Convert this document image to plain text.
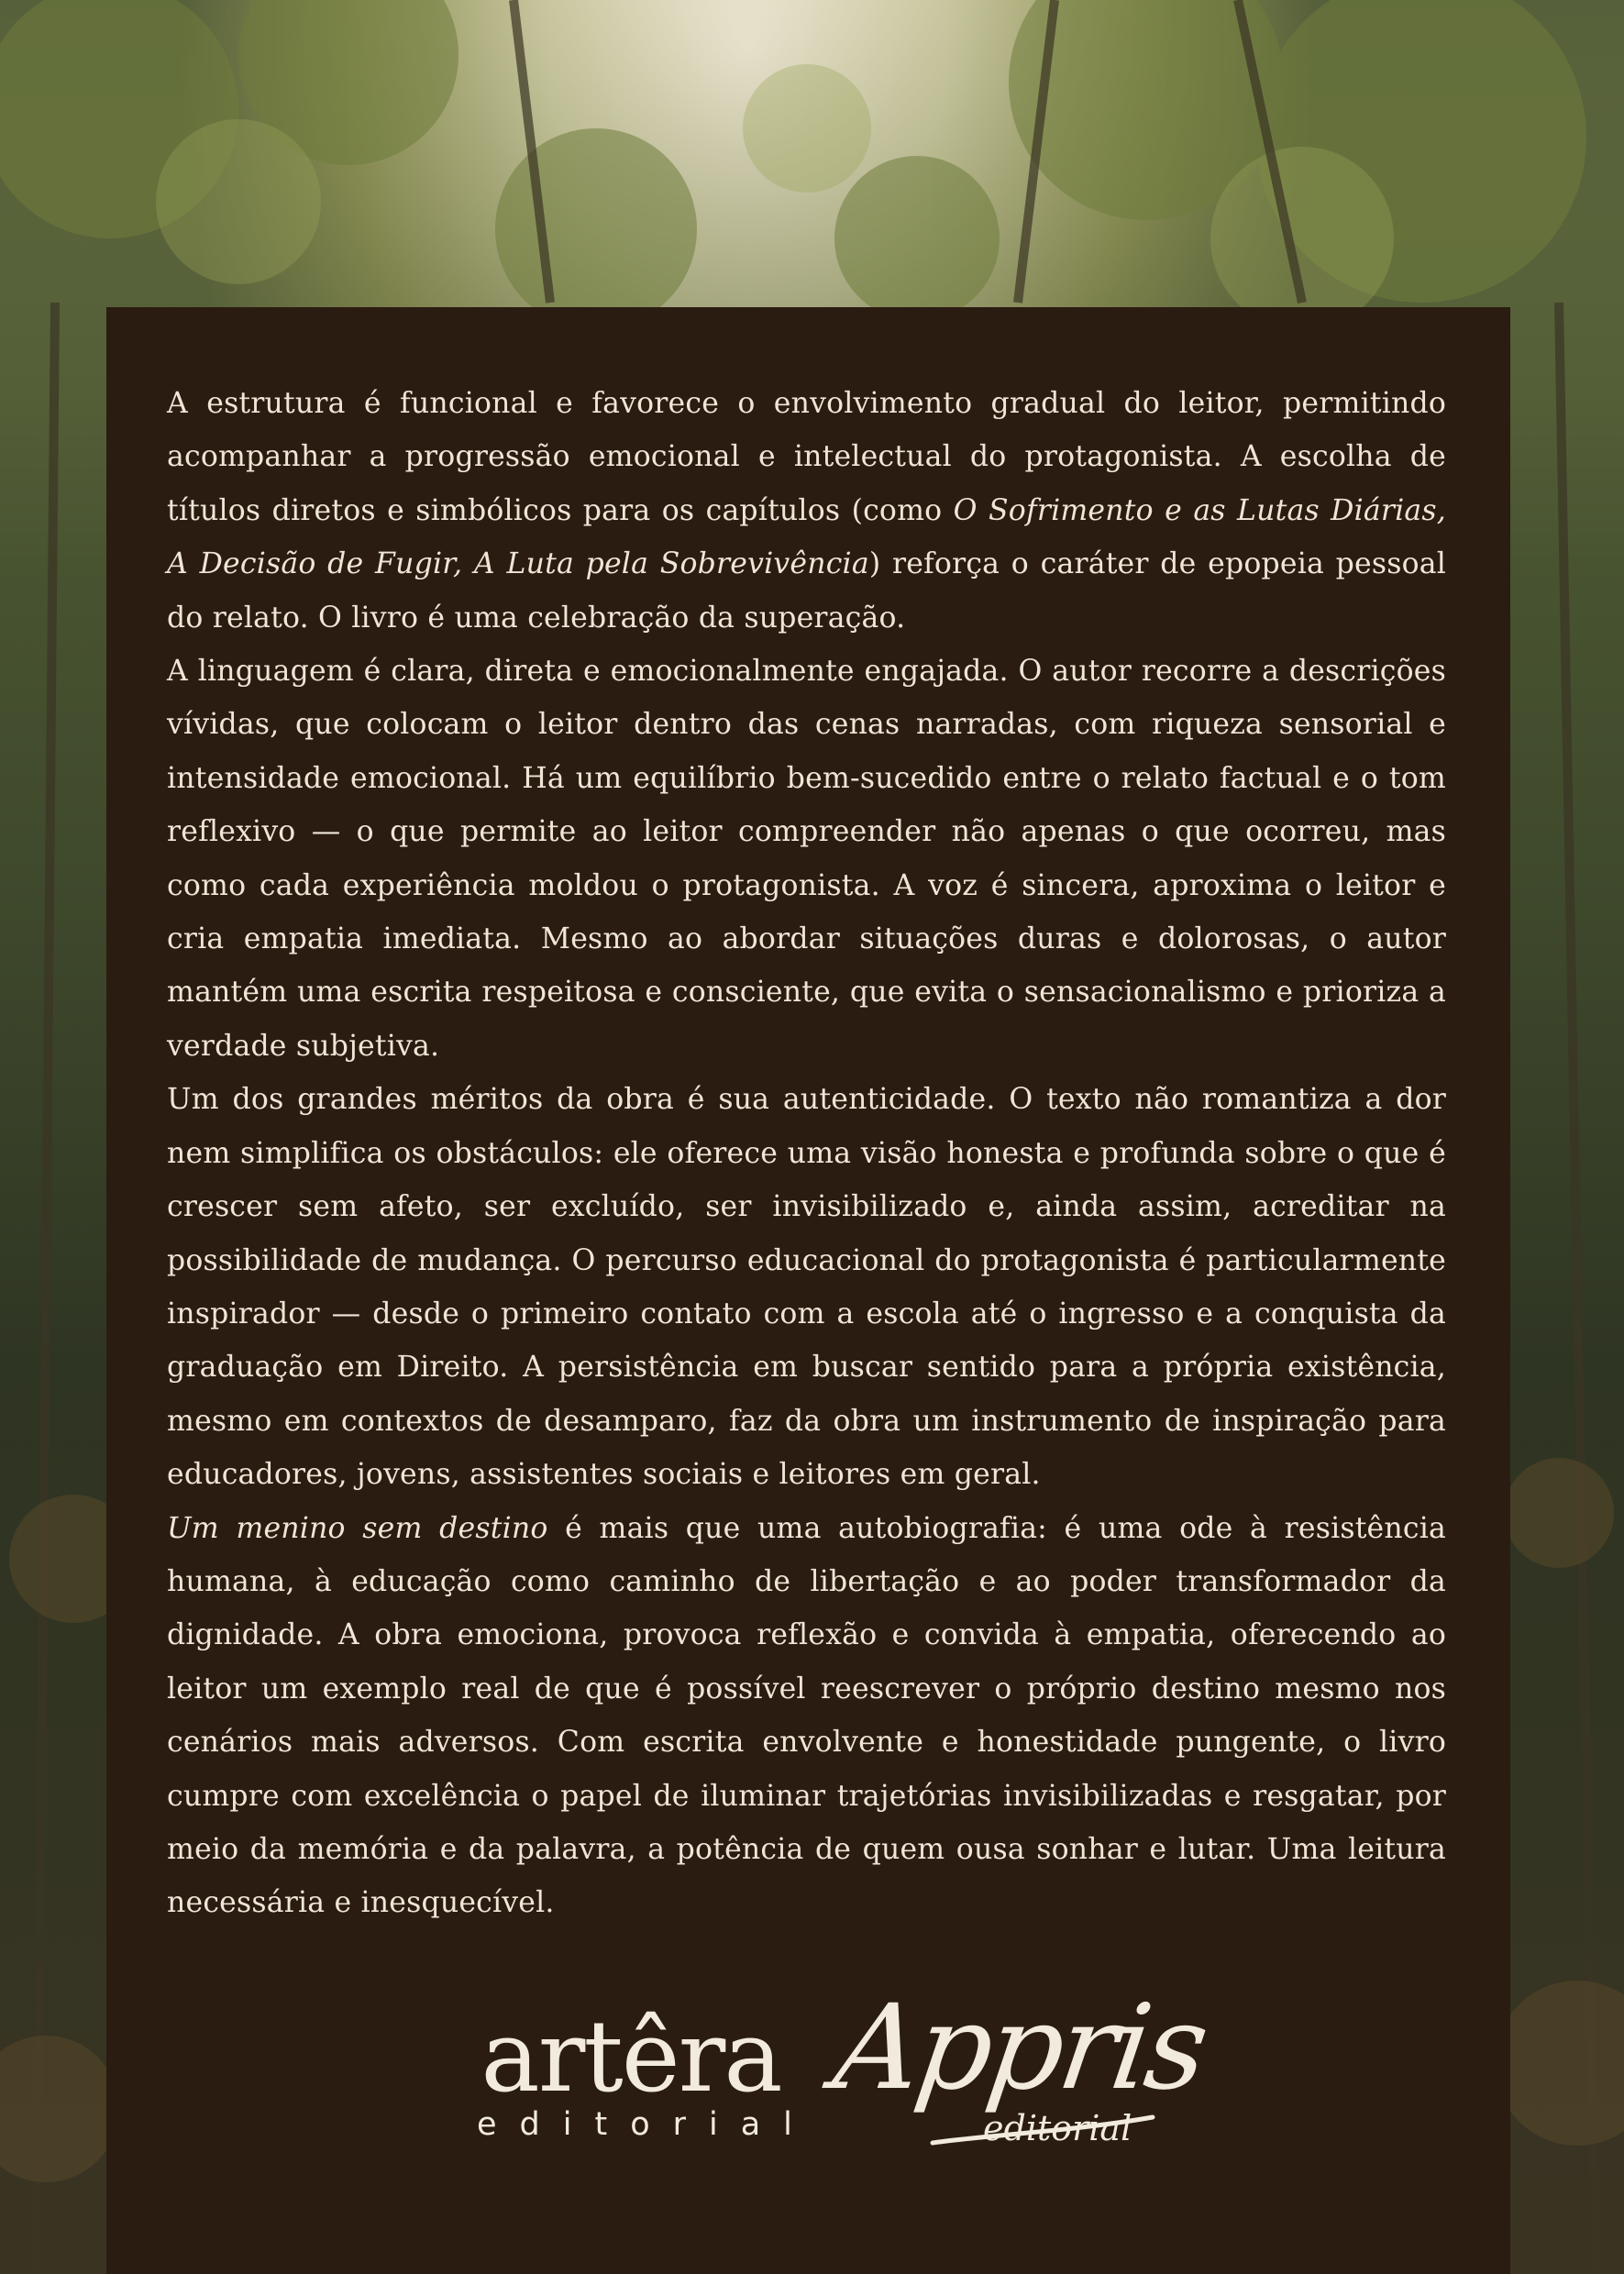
A estrutura é funcional e favorece o envolvimento gradual do leitor, permitindo acompanhar a progressão emocional e intelectual do protagonista. A escolha de títulos diretos e simbólicos para os capítulos (como O Sofrimento e as Lutas Diárias, A Decisão de Fugir, A Luta pela Sobrevivência) reforça o caráter de epopeia pessoal do relato. O livro é uma celebração da superação.

A linguagem é clara, direta e emocionalmente engajada. O autor recorre a descrições vívidas, que colocam o leitor dentro das cenas narradas, com riqueza sensorial e intensidade emocional. Há um equilíbrio bem-sucedido entre o relato factual e o tom reflexivo — o que permite ao leitor compreender não apenas o que ocorreu, mas como cada experiência moldou o protagonista. A voz é sincera, aproxima o leitor e cria empatia imediata. Mesmo ao abordar situações duras e dolorosas, o autor mantém uma escrita respeitosa e consciente, que evita o sensacionalismo e prioriza a verdade subjetiva.

Um dos grandes méritos da obra é sua autenticidade. O texto não romantiza a dor nem simplifica os obstáculos: ele oferece uma visão honesta e profunda sobre o que é crescer sem afeto, ser excluído, ser invisibilizado e, ainda assim, acreditar na possibilidade de mudança. O percurso educacional do protagonista é particularmente inspirador — desde o primeiro contato com a escola até o ingresso e a conquista da graduação em Direito. A persistência em buscar sentido para a própria existência, mesmo em contextos de desamparo, faz da obra um instrumento de inspiração para educadores, jovens, assistentes sociais e leitores em geral.

Um menino sem destino é mais que uma autobiografia: é uma ode à resistência humana, à educação como caminho de libertação e ao poder transformador da dignidade. A obra emociona, provoca reflexão e convida à empatia, oferecendo ao leitor um exemplo real de que é possível reescrever o próprio destino mesmo nos cenários mais adversos. Com escrita envolvente e honestidade pungente, o livro cumpre com excelência o papel de iluminar trajetórias invisibilizadas e resgatar, por meio da memória e da palavra, a potência de quem ousa sonhar e lutar. Uma leitura necessária e inesquecível.

artêra
editorial
Appris
editorial
